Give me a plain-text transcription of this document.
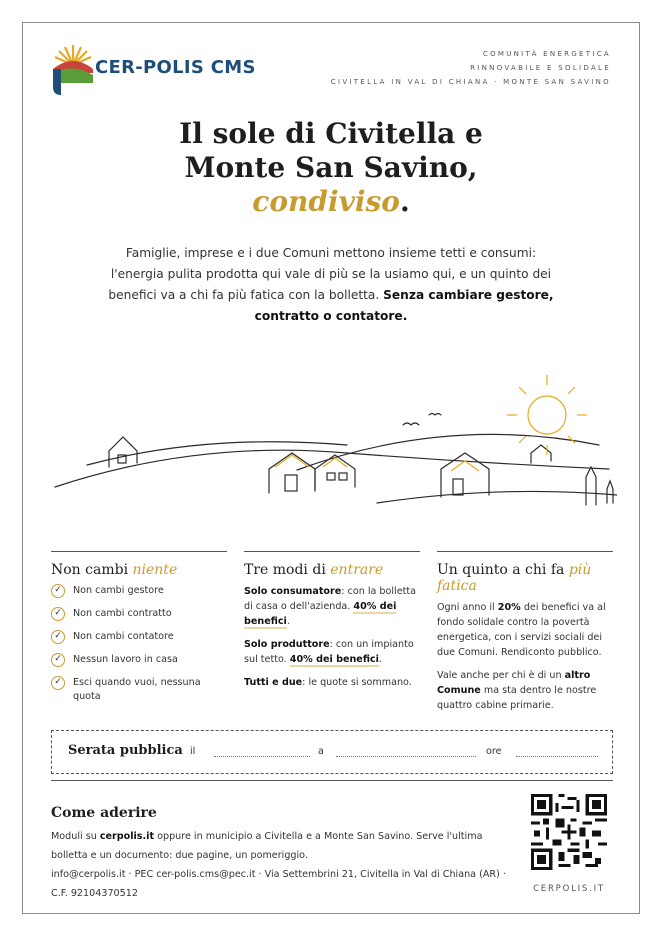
CER-POLIS CMS
COMUNITÀ ENERGETICA
RINNOVABILE E SOLIDALE
CIVITELLA IN VAL DI CHIANA · MONTE SAN SAVINO
Il sole di Civitella e
Monte San Savino,
condiviso.
Famiglie, imprese e i due Comuni mettono insieme tetti e consumi:
l'energia pulita prodotta qui vale di più se la usiamo qui, e un quinto dei
benefici va a chi fa più fatica con la bolletta. Senza cambiare gestore,
contratto o contatore.
Non cambi niente
✓	Non cambi gestore
✓	Non cambi contratto
✓	Non cambi contatore
✓	Nessun lavoro in casa
✓	Esci quando vuoi, nessuna quota
Tre modi di entrare

Solo consumatore: con la bolletta di casa o dell'azienda. 40% dei benefici.

Solo produttore: con un impianto sul tetto. 40% dei benefici.

Tutti e due: le quote si sommano.

Un quinto a chi fa più fatica

Ogni anno il 20% dei benefici va al fondo solidale contro la povertà energetica, con i servizi sociali dei due Comuni. Rendiconto pubblico.

Vale anche per chi è di un altro Comune ma sta dentro le nostre quattro cabine primarie.

Serata pubblica il	a	ore
Come aderire
Moduli su cerpolis.it oppure in municipio a Civitella e a Monte San Savino. Serve l'ultima bolletta e un documento: due pagine, un pomeriggio.
info@cerpolis.it · PEC cer-polis.cms@pec.it · Via Settembrini 21, Civitella in Val di Chiana (AR) · C.F. 92104370512	CERPOLIS.IT
